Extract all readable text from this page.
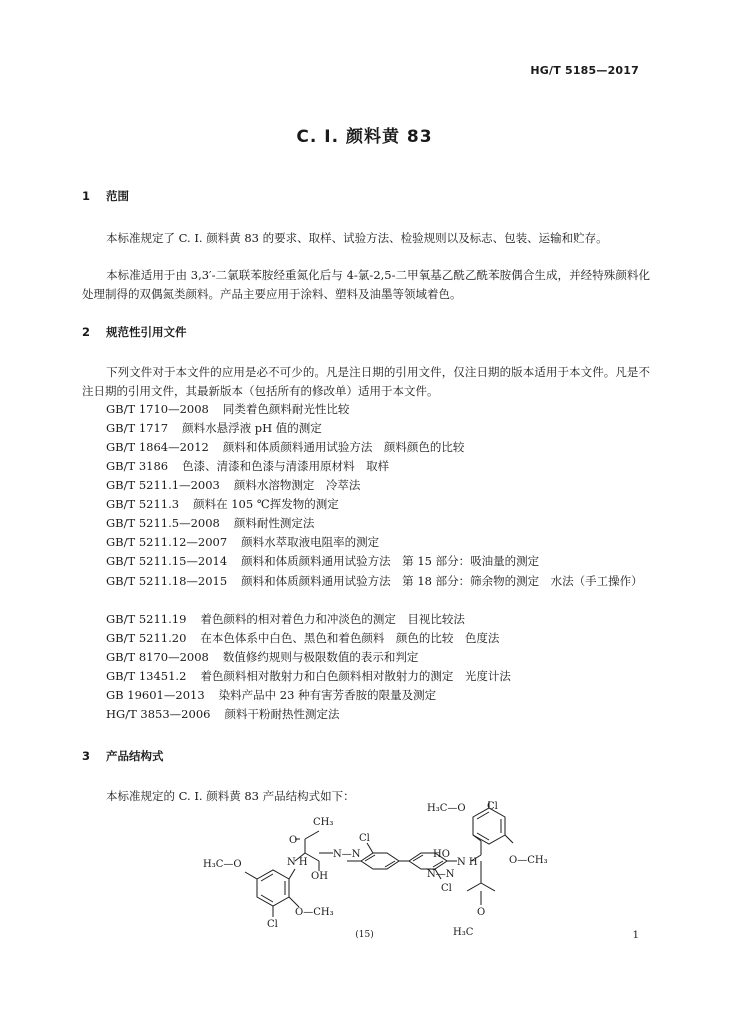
HG/T 5185—2017
C. I. 颜料黄 83
1 范围
本标准规定了 C. I. 颜料黄 83 的要求、取样、试验方法、检验规则以及标志、包装、运输和贮存。
本标准适用于由 3,3′-二氯联苯胺经重氮化后与 4-氯-2,5-二甲氧基乙酰乙酰苯胺偶合生成，并经特殊颜料化处理制得的双偶氮类颜料。产品主要应用于涂料、塑料及油墨等领域着色。
2 规范性引用文件
下列文件对于本文件的应用是必不可少的。凡是注日期的引用文件，仅注日期的版本适用于本文件。凡是不注日期的引用文件，其最新版本（包括所有的修改单）适用于本文件。
GB/T 1710—2008 同类着色颜料耐光性比较
GB/T 1717 颜料水悬浮液 pH 值的测定
GB/T 1864—2012 颜料和体质颜料通用试验方法　颜料颜色的比较
GB/T 3186 色漆、清漆和色漆与清漆用原材料　取样
GB/T 5211.1—2003 颜料水溶物测定　冷萃法
GB/T 5211.3 颜料在 105 ℃挥发物的测定
GB/T 5211.5—2008 颜料耐性测定法
GB/T 5211.12—2007 颜料水萃取液电阻率的测定
GB/T 5211.15—2014 颜料和体质颜料通用试验方法　第 15 部分：吸油量的测定
GB/T 5211.18—2015 颜料和体质颜料通用试验方法　第 18 部分：筛余物的测定　水法（手工操作）
GB/T 5211.19 着色颜料的相对着色力和冲淡色的测定　目视比较法
GB/T 5211.20 在本色体系中白色、黑色和着色颜料　颜色的比较　色度法
GB/T 8170—2008 数值修约规则与极限数值的表示和判定
GB/T 13451.2 着色颜料相对散射力和白色颜料相对散射力的测定　光度计法
GB 19601—2013 染料产品中 23 种有害芳香胺的限量及测定
HG/T 3853—2006 颜料干粉耐热性测定法
3 产品结构式
本标准规定的 C. I. 颜料黄 83 产品结构式如下：
H₃C—O Cl
CH₃
O
N—N
Cl
H₃C—O	N H
OH
Cl
O—CH₃
HO
N H
N—N
Cl
O—CH₃
O
H₃C
(15)	1
